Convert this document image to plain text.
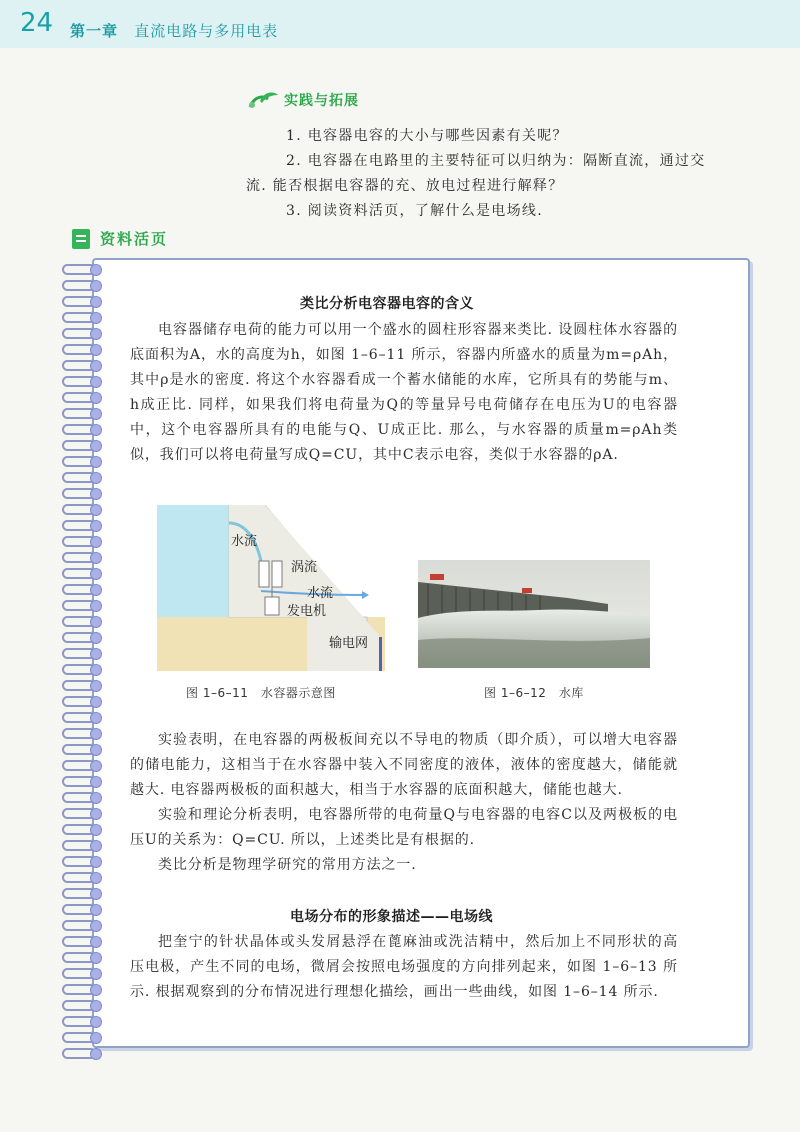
24 第一章 直流电路与多用电表
实践与拓展

1. 电容器电容的大小与哪些因素有关呢？

2. 电容器在电路里的主要特征可以归纳为：隔断直流，通过交流. 能否根据电容器的充、放电过程进行解释？

3. 阅读资料活页，了解什么是电场线.

资料活页
类比分析电容器电容的含义

电容器储存电荷的能力可以用一个盛水的圆柱形容器来类比. 设圆柱体水容器的底面积为A，水的高度为h，如图 1–6–11 所示，容器内所盛水的质量为m=ρAh，其中ρ是水的密度. 将这个水容器看成一个蓄水储能的水库，它所具有的势能与m、h成正比. 同样，如果我们将电荷量为Q的等量异号电荷储存在电压为U的电容器中，这个电容器所具有的电能与Q、U成正比. 那么，与水容器的质量m=ρAh类似，我们可以将电荷量写成Q=CU，其中C表示电容，类似于水容器的ρA.

水流
涡流
水流
发电机
输电网
图 1–6–11　水容器示意图	图 1–6–12　水库

实验表明，在电容器的两极板间充以不导电的物质（即介质），可以增大电容器的储电能力，这相当于在水容器中装入不同密度的液体，液体的密度越大，储能就越大. 电容器两极板的面积越大，相当于水容器的底面积越大，储能也越大.

实验和理论分析表明，电容器所带的电荷量Q与电容器的电容C以及两极板的电压U的关系为：Q=CU. 所以，上述类比是有根据的.

类比分析是物理学研究的常用方法之一.

电场分布的形象描述——电场线

把奎宁的针状晶体或头发屑悬浮在蓖麻油或洗洁精中，然后加上不同形状的高压电极，产生不同的电场，微屑会按照电场强度的方向排列起来，如图 1–6–13 所示. 根据观察到的分布情况进行理想化描绘，画出一些曲线，如图 1–6–14 所示.
